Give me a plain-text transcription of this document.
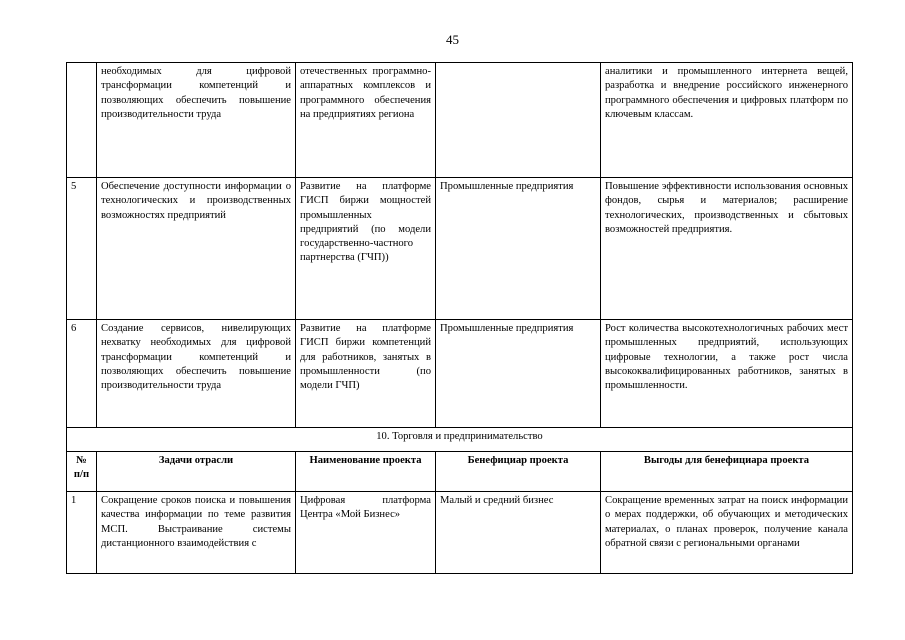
45
	необходимых для цифровой трансформации компетенций и позволяющих обеспечить повышение производительности труда	отечественных программно-аппаратных комплексов и программного обеспечения на предприятиях региона		аналитики и промышленного интернета вещей, разработка и внедрение российского инженерного программного обеспечения и цифровых платформ по ключевым классам.
5	Обеспечение доступности информации о технологических и производственных возможностях предприятий	Развитие на платформе ГИСП биржи мощностей промышленных предприятий (по модели государственно-частного партнерства (ГЧП))	Промышленные предприятия	Повышение эффективности использования основных фондов, сырья и материалов; расширение технологических, производственных и сбытовых возможностей предприятия.
6	Создание сервисов, нивелирующих нехватку необходимых для цифровой трансформации компетенций и позволяющих обеспечить повышение производительности труда	Развитие на платформе ГИСП биржи компетенций для работников, занятых в промышленности (по модели ГЧП)	Промышленные предприятия	Рост количества высокотехнологичных рабочих мест промышленных предприятий, использующих цифровые технологии, а также рост числа высококвалифицированных работников, занятых в промышленности.
10. Торговля и предпринимательство				
№ п/п	Задачи отрасли	Наименование проекта	Бенефициар проекта	Выгоды для бенефициара проекта
1	Сокращение сроков поиска и повышения качества информации по теме развития МСП. Выстраивание системы дистанционного взаимодействия с	Цифровая платформа Центра «Мой Бизнес»	Малый и средний бизнес	Сокращение временных затрат на поиск информации о мерах поддержки, об обучающих и методических материалах, о планах проверок, получение канала обратной связи с региональными органами
